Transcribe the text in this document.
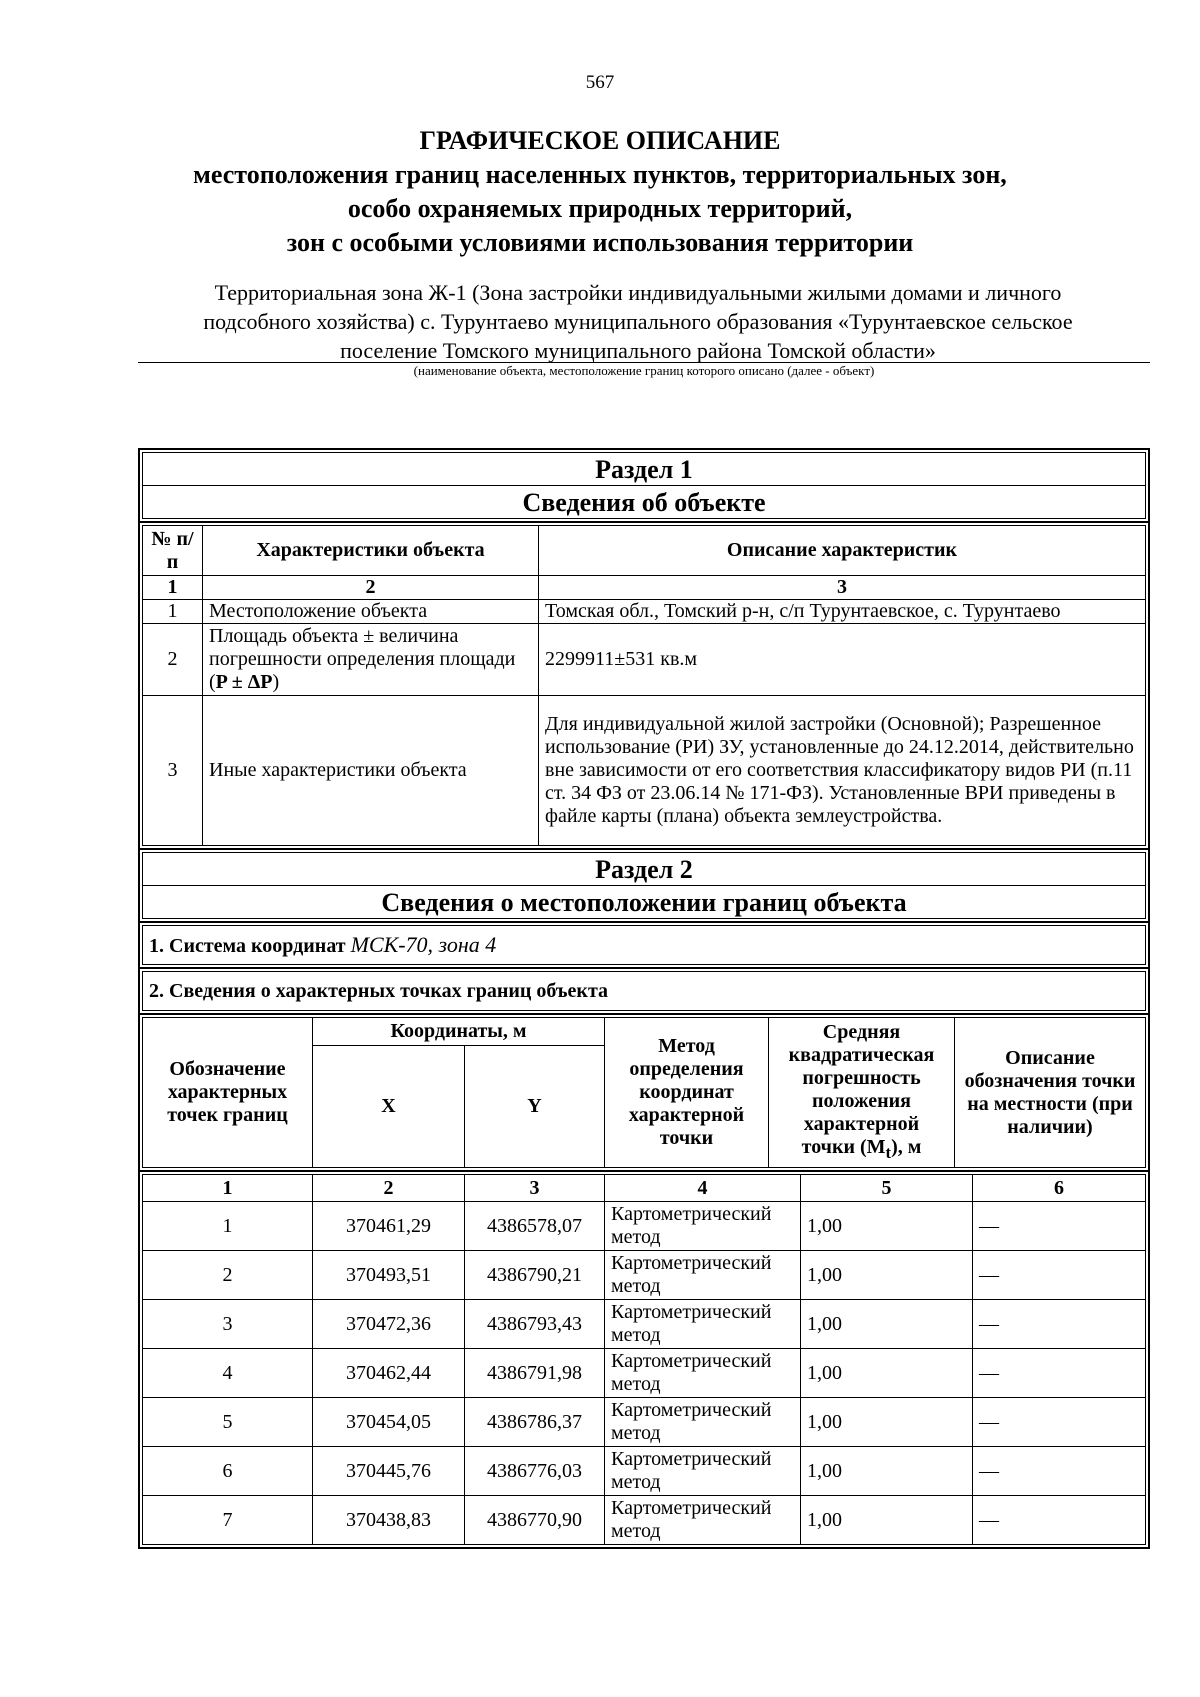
567
ГРАФИЧЕСКОЕ ОПИСАНИЕ
местоположения границ населенных пунктов, территориальных зон,
особо охраняемых природных территорий,
зон с особыми условиями использования территории
Территориальная зона Ж-1 (Зона застройки индивидуальными жилыми домами и личного
подсобного хозяйства) с. Турунтаево муниципального образования «Турунтаевское сельское
поселение Томского муниципального района Томской области»
(наименование объекта, местоположение границ которого описано (далее - объект)
Раздел 1
Сведения об объекте
№ п/п	Характеристики объекта	Описание характеристик
1	2	3
1	Местоположение объекта	Томская обл., Томский р-н, с/п Турунтаевское, с. Турунтаево
2	Площадь объекта ± величина погрешности определения площади (P ± ΔP)	2299911±531 кв.м
3	Иные характеристики объекта	Для индивидуальной жилой застройки (Основной); Разрешенное использование (РИ) ЗУ, установленные до 24.12.2014, действительно вне зависимости от его соответствия классификатору видов РИ (п.11 ст. 34 ФЗ от 23.06.14 № 171-ФЗ). Установленные ВРИ приведены в файле карты (плана) объекта землеустройства.
Раздел 2
Сведения о местоположении границ объекта
1. Система координат МСК-70, зона 4
2. Сведения о характерных точках границ объекта
Обозначение характерных точек границ	Координаты, м		Метод определения координат характерной точки	Средняя квадратическая погрешность положения характерной точки $(M_t)$, м	Описание обозначения точки на местности (при наличии)
	X	Y			
1	2	3	4	5	6
1	370461,29	4386578,07	Картометрический метод	1,00	—
2	370493,51	4386790,21	Картометрический метод	1,00	—
3	370472,36	4386793,43	Картометрический метод	1,00	—
4	370462,44	4386791,98	Картометрический метод	1,00	—
5	370454,05	4386786,37	Картометрический метод	1,00	—
6	370445,76	4386776,03	Картометрический метод	1,00	—
7	370438,83	4386770,90	Картометрический метод	1,00	—
